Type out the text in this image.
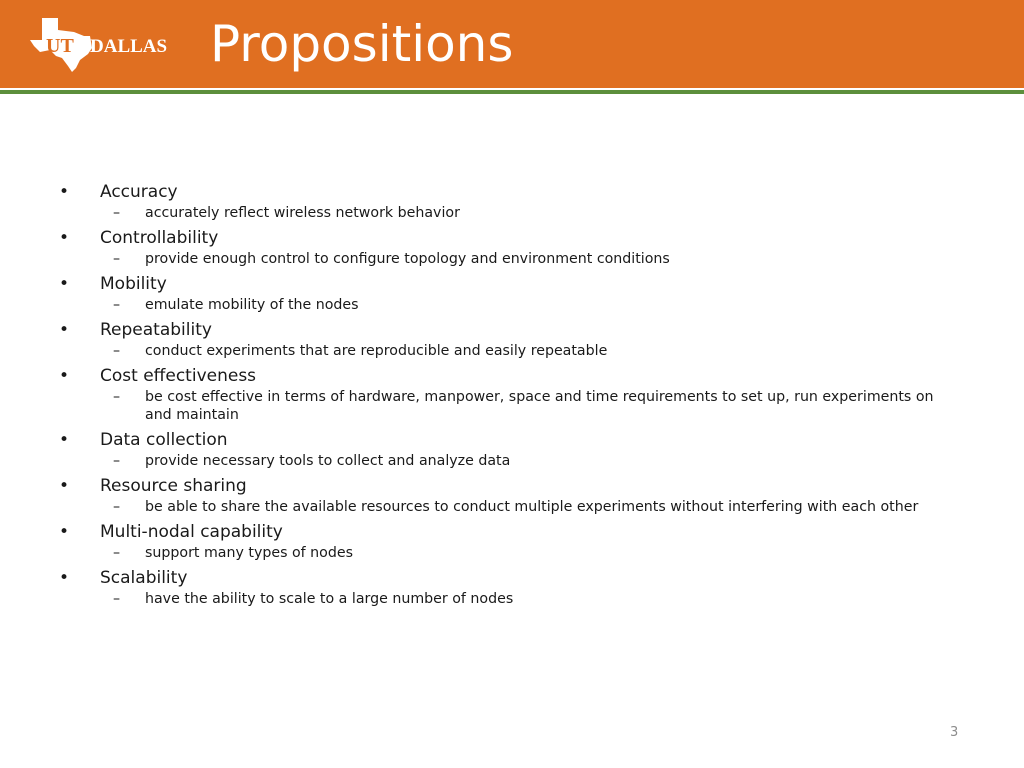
UT DALLAS Propositions
• Accuracy
– accurately reflect wireless network behavior
• Controllability
– provide enough control to configure topology and environment conditions
• Mobility
– emulate mobility of the nodes
• Repeatability
– conduct experiments that are reproducible and easily repeatable
• Cost effectiveness
– be cost effective in terms of hardware, manpower, space and time requirements to set up, run experiments on and maintain
• Data collection
– provide necessary tools to collect and analyze data
• Resource sharing
– be able to share the available resources to conduct multiple experiments without interfering with each other
• Multi-nodal capability
– support many types of nodes
• Scalability
– have the ability to scale to a large number of nodes
3
